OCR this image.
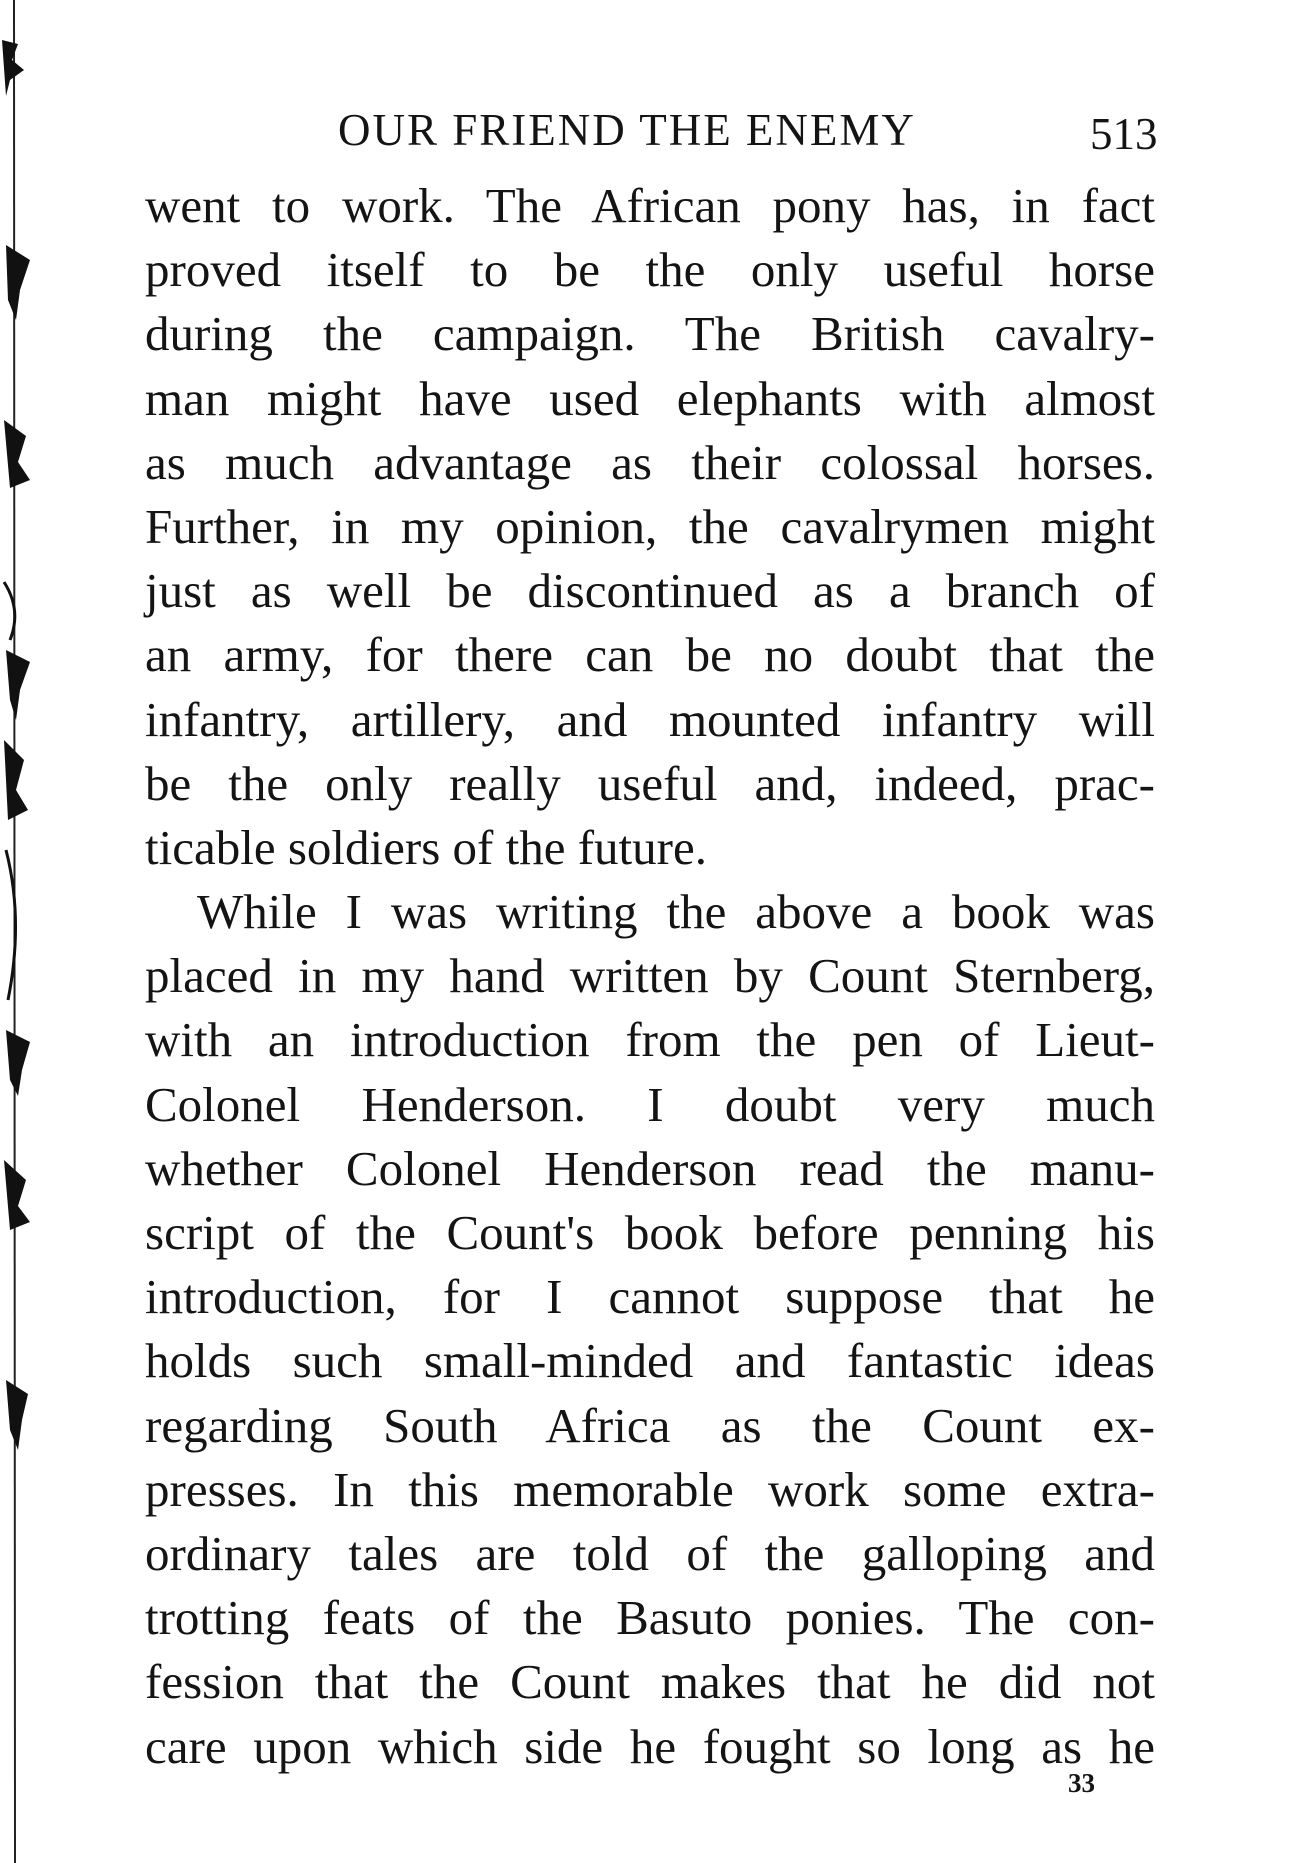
OUR FRIEND THE ENEMY	513
went to work. The African pony has, in fact
proved itself to be the only useful horse
during the campaign. The British cavalry-
man might have used elephants with almost
as much advantage as their colossal horses.
Further, in my opinion, the cavalrymen might
just as well be discontinued as a branch of
an army, for there can be no doubt that the
infantry, artillery, and mounted infantry will
be the only really useful and, indeed, prac-
ticable soldiers of the future.
While I was writing the above a book was
placed in my hand written by Count Sternberg,
with an introduction from the pen of Lieut-
Colonel Henderson. I doubt very much
whether Colonel Henderson read the manu-
script of the Count's book before penning his
introduction, for I cannot suppose that he
holds such small-minded and fantastic ideas
regarding South Africa as the Count ex-
presses. In this memorable work some extra-
ordinary tales are told of the galloping and
trotting feats of the Basuto ponies. The con-
fession that the Count makes that he did not
care upon which side he fought so long as he
33
